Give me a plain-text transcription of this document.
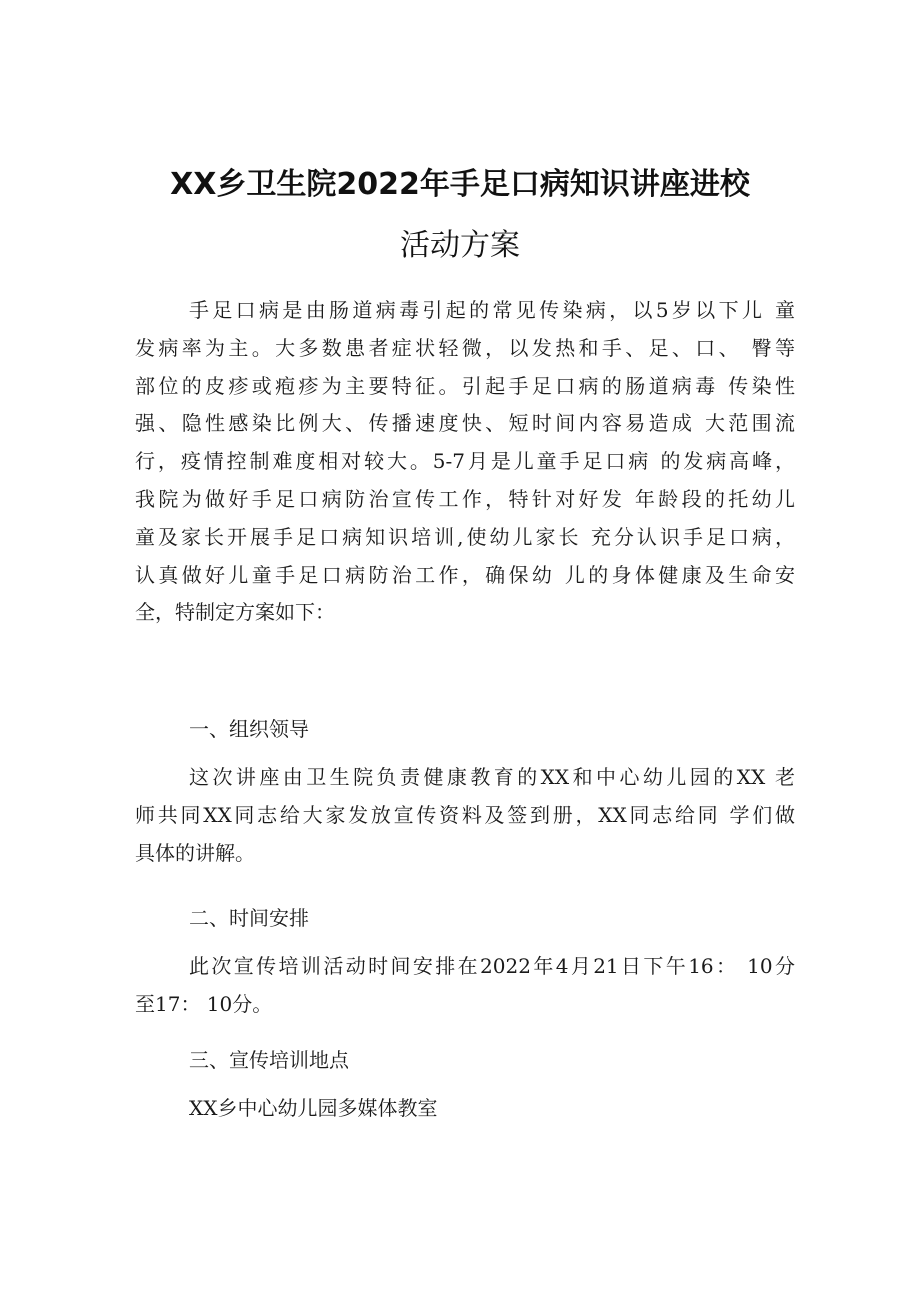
XX乡卫生院2022年手足口病知识讲座进校
活动方案
手足口病是由肠道病毒引起的常见传染病，以5岁以下儿 童
发病率为主。大多数患者症状轻微，以发热和手、足、口、 臀等
部位的皮疹或疱疹为主要特征。引起手足口病的肠道病毒 传染性
强、隐性感染比例大、传播速度快、短时间内容易造成 大范围流
行，疫情控制难度相对较大。5-7月是儿童手足口病 的发病高峰，
我院为做好手足口病防治宣传工作，特针对好发 年龄段的托幼儿
童及家长开展手足口病知识培训,使幼儿家长 充分认识手足口病，
认真做好儿童手足口病防治工作，确保幼 儿的身体健康及生命安
全，特制定方案如下：
一、组织领导
这次讲座由卫生院负责健康教育的XX和中心幼儿园的XX 老
师共同XX同志给大家发放宣传资料及签到册，XX同志给同 学们做
具体的讲解。
二、时间安排
此次宣传培训活动时间安排在2022年4月21日下午16： 10分
至17： 10分。
三、宣传培训地点
XX乡中心幼儿园多媒体教室
